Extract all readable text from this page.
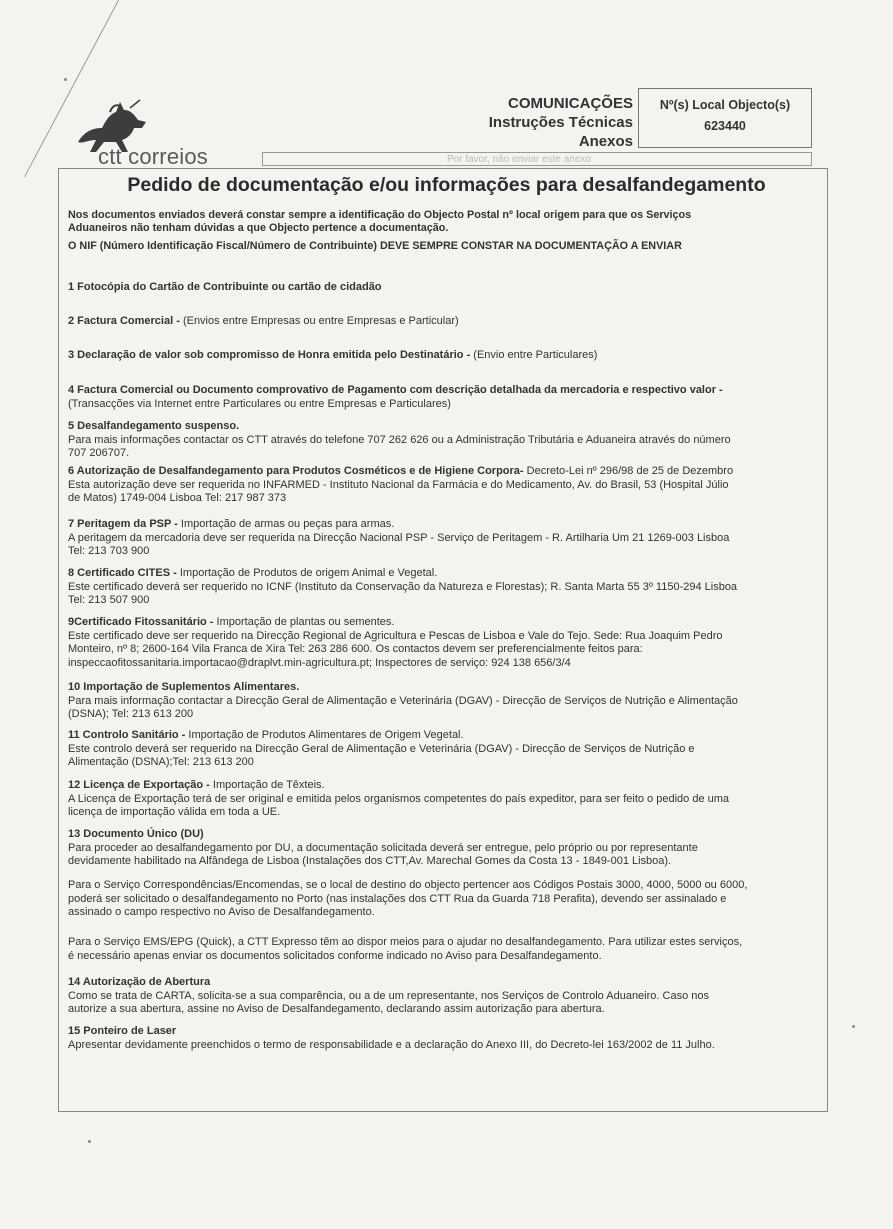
ctt correios
COMUNICAÇÕES
Instruções Técnicas
Anexos
Nº(s) Local Objecto(s)
623440
Por favor, não enviar este anexo
Pedido de documentação e/ou informações para desalfandegamento
Nos documentos enviados deverá constar sempre a identificação do Objecto Postal nº local origem para que os Serviços
Aduaneiros não tenham dúvidas a que Objecto pertence a documentação.
O NIF (Número Identificação Fiscal/Número de Contribuinte) DEVE SEMPRE CONSTAR NA DOCUMENTAÇÃO A ENVIAR
1 Fotocópia do Cartão de Contribuinte ou cartão de cidadão
2 Factura Comercial - (Envios entre Empresas ou entre Empresas e Particular)
3 Declaração de valor sob compromisso de Honra emitida pelo Destinatário - (Envio entre Particulares)
4 Factura Comercial ou Documento comprovativo de Pagamento com descrição detalhada da mercadoria e respectivo valor -
(Transacções via Internet entre Particulares ou entre Empresas e Particulares)
5 Desalfandegamento suspenso.
Para mais informações contactar os CTT através do telefone 707 262 626 ou a Administração Tributária e Aduaneira através do número
707 206707.
6 Autorização de Desalfandegamento para Produtos Cosméticos e de Higiene Corpora- Decreto-Lei nº 296/98 de 25 de Dezembro
Esta autorização deve ser requerida no INFARMED - Instituto Nacional da Farmácia e do Medicamento, Av. do Brasil, 53 (Hospital Júlio
de Matos) 1749-004 Lisboa Tel: 217 987 373
7 Peritagem da PSP - Importação de armas ou peças para armas.
A peritagem da mercadoria deve ser requerida na Direcção Nacional PSP - Serviço de Peritagem - R. Artilharia Um 21 1269-003 Lisboa
Tel: 213 703 900
8 Certificado CITES - Importação de Produtos de origem Animal e Vegetal.
Este certificado deverá ser requerido no ICNF (Instituto da Conservação da Natureza e Florestas); R. Santa Marta 55 3º 1150-294 Lisboa
Tel: 213 507 900
9Certificado Fitossanitário - Importação de plantas ou sementes.
Este certificado deve ser requerido na Direcção Regional de Agricultura e Pescas de Lisboa e Vale do Tejo. Sede: Rua Joaquim Pedro
Monteiro, nº 8; 2600-164 Vila Franca de Xira Tel: 263 286 600. Os contactos devem ser preferencialmente feitos para:
inspeccaofitossanitaria.importacao@draplvt.min-agricultura.pt; Inspectores de serviço: 924 138 656/3/4
10 Importação de Suplementos Alimentares.
Para mais informação contactar a Direcção Geral de Alimentação e Veterinária (DGAV) - Direcção de Serviços de Nutrição e Alimentação
(DSNA); Tel: 213 613 200
11 Controlo Sanitário - Importação de Produtos Alimentares de Origem Vegetal.
Este controlo deverá ser requerido na Direcção Geral de Alimentação e Veterinária (DGAV) - Direcção de Serviços de Nutrição e
Alimentação (DSNA);Tel: 213 613 200
12 Licença de Exportação - Importação de Têxteis.
A Licença de Exportação terá de ser original e emitida pelos organismos competentes do país expeditor, para ser feito o pedido de uma
licença de importação válida em toda a UE.
13 Documento Único (DU)
Para proceder ao desalfandegamento por DU, a documentação solicitada deverá ser entregue, pelo próprio ou por representante
devidamente habilitado na Alfândega de Lisboa (Instalações dos CTT,Av. Marechal Gomes da Costa 13 - 1849-001 Lisboa).
Para o Serviço Correspondências/Encomendas, se o local de destino do objecto pertencer aos Códigos Postais 3000, 4000, 5000 ou 6000,
poderá ser solicitado o desalfandegamento no Porto (nas instalações dos CTT Rua da Guarda 718 Perafita), devendo ser assinalado e
assinado o campo respectivo no Aviso de Desalfandegamento.
Para o Serviço EMS/EPG (Quick), a CTT Expresso têm ao dispor meios para o ajudar no desalfandegamento. Para utilizar estes serviços,
é necessário apenas enviar os documentos solicitados conforme indicado no Aviso para Desalfandegamento.
14 Autorização de Abertura
Como se trata de CARTA, solicita-se a sua comparência, ou a de um representante, nos Serviços de Controlo Aduaneiro. Caso nos
autorize a sua abertura, assine no Aviso de Desalfandegamento, declarando assim autorização para abertura.
15 Ponteiro de Laser
Apresentar devidamente preenchidos o termo de responsabilidade e a declaração do Anexo III, do Decreto-lei 163/2002 de 11 Julho.
